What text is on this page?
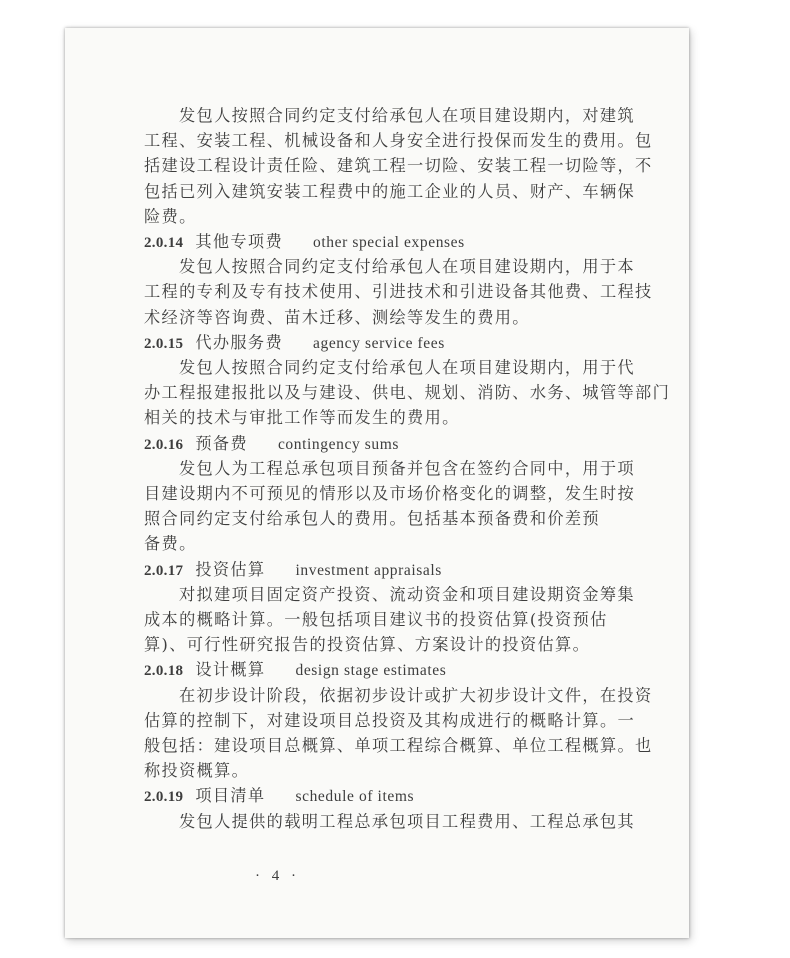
发包人按照合同约定支付给承包人在项目建设期内，对建筑
工程、安装工程、机械设备和人身安全进行投保而发生的费用。包
括建设工程设计责任险、建筑工程一切险、安装工程一切险等，不
包括已列入建筑安装工程费中的施工企业的人员、财产、车辆保
险费。
2.0.14 其他专项费 other special expenses
发包人按照合同约定支付给承包人在项目建设期内，用于本
工程的专利及专有技术使用、引进技术和引进设备其他费、工程技
术经济等咨询费、苗木迁移、测绘等发生的费用。
2.0.15 代办服务费 agency service fees
发包人按照合同约定支付给承包人在项目建设期内，用于代
办工程报建报批以及与建设、供电、规划、消防、水务、城管等部门
相关的技术与审批工作等而发生的费用。
2.0.16 预备费 contingency sums
发包人为工程总承包项目预备并包含在签约合同中，用于项
目建设期内不可预见的情形以及市场价格变化的调整，发生时按
照合同约定支付给承包人的费用。包括基本预备费和价差预
备费。
2.0.17 投资估算 investment appraisals
对拟建项目固定资产投资、流动资金和项目建设期资金筹集
成本的概略计算。一般包括项目建议书的投资估算(投资预估
算)、可行性研究报告的投资估算、方案设计的投资估算。
2.0.18 设计概算 design stage estimates
在初步设计阶段，依据初步设计或扩大初步设计文件，在投资
估算的控制下，对建设项目总投资及其构成进行的概略计算。一
般包括：建设项目总概算、单项工程综合概算、单位工程概算。也
称投资概算。
2.0.19 项目清单 schedule of items
发包人提供的载明工程总承包项目工程费用、工程总承包其
· 4 ·
